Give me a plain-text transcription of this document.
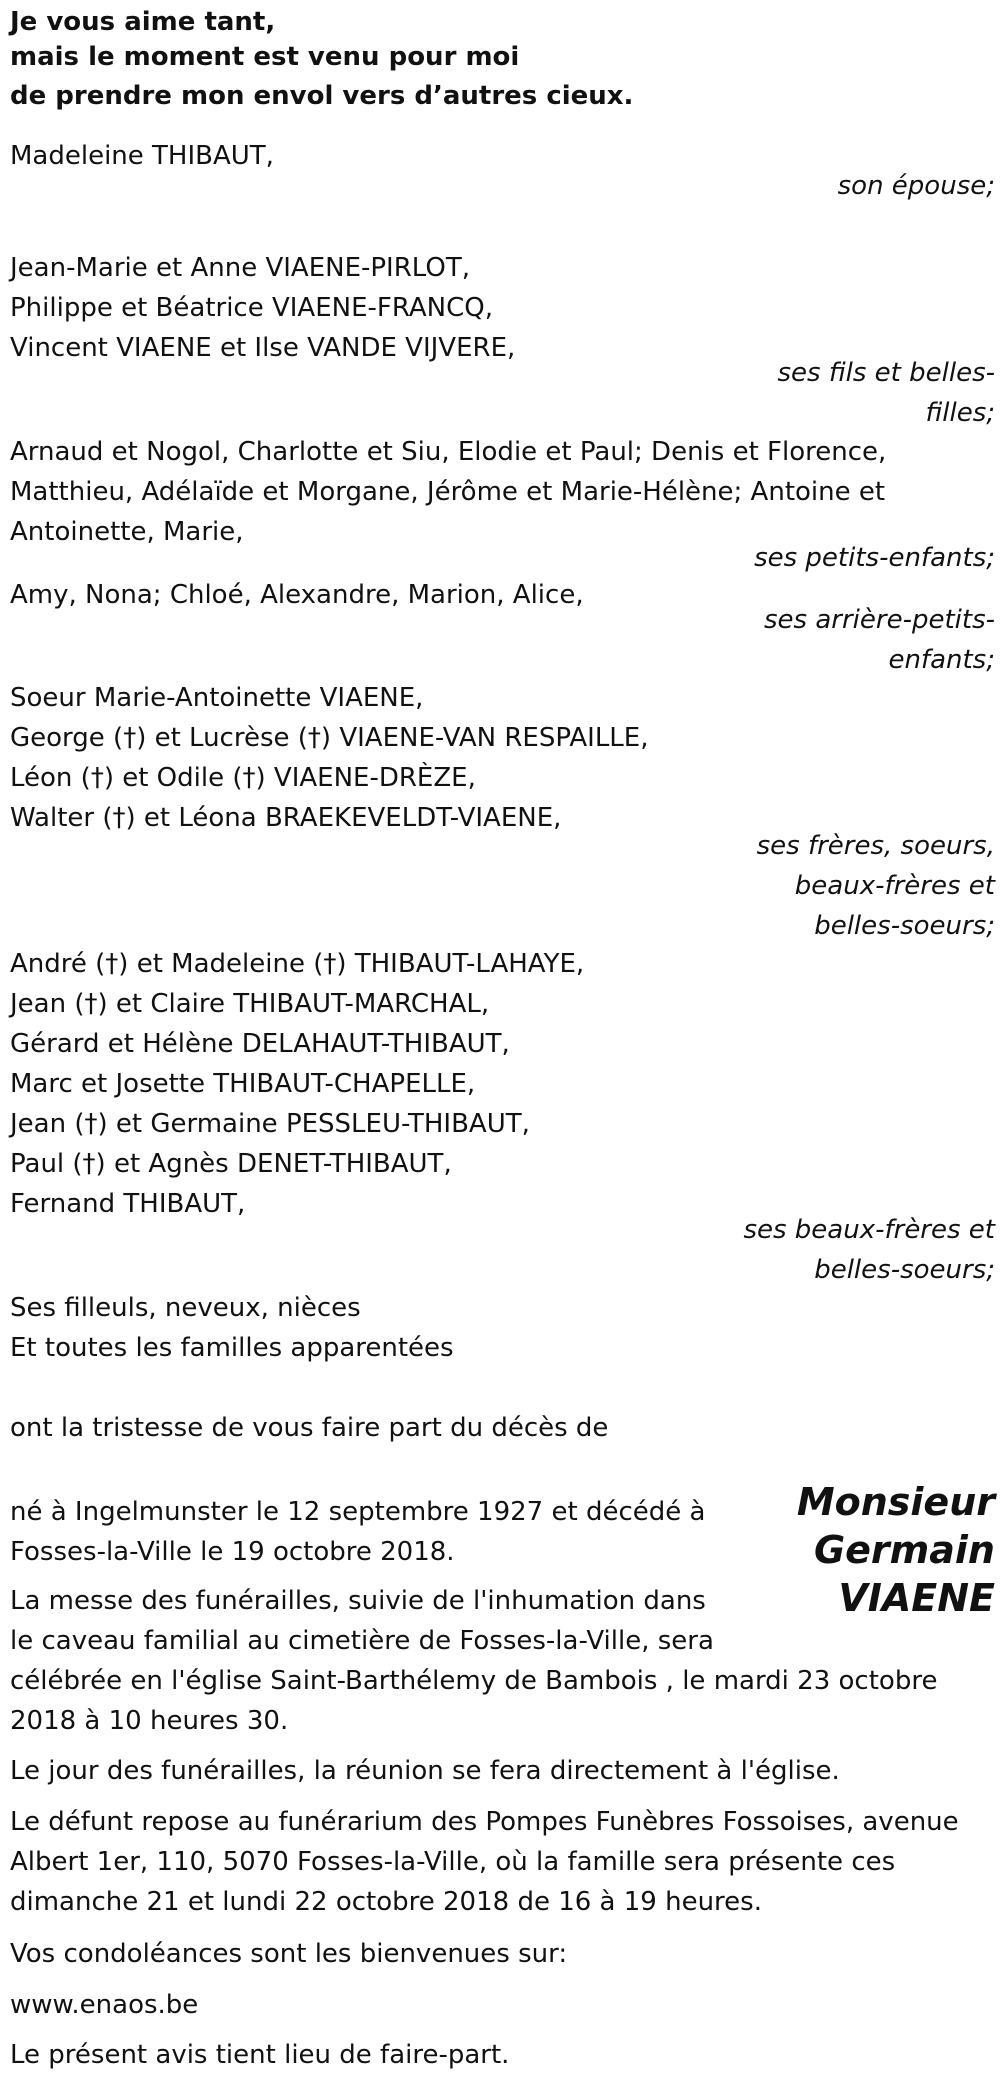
Je vous aime tant,
mais le moment est venu pour moi
de prendre mon envol vers d’autres cieux.
Madeleine THIBAUT,
son épouse;
Jean-Marie et Anne VIAENE-PIRLOT,
Philippe et Béatrice VIAENE-FRANCQ,
Vincent VIAENE et Ilse VANDE VIJVERE,
ses fils et belles-
filles;
Arnaud et Nogol, Charlotte et Siu, Elodie et Paul; Denis et Florence,
Matthieu, Adélaïde et Morgane, Jérôme et Marie-Hélène; Antoine et
Antoinette, Marie,
ses petits-enfants;
Amy, Nona; Chloé, Alexandre, Marion, Alice,
ses arrière-petits-
enfants;
Soeur Marie-Antoinette VIAENE,
George (†) et Lucrèse (†) VIAENE-VAN RESPAILLE,
Léon (†) et Odile (†) VIAENE-DRÈZE,
Walter (†) et Léona BRAEKEVELDT-VIAENE,
ses frères, soeurs,
beaux-frères et
belles-soeurs;
André (†) et Madeleine (†) THIBAUT-LAHAYE,
Jean (†) et Claire THIBAUT-MARCHAL,
Gérard et Hélène DELAHAUT-THIBAUT,
Marc et Josette THIBAUT-CHAPELLE,
Jean (†) et Germaine PESSLEU-THIBAUT,
Paul (†) et Agnès DENET-THIBAUT,
Fernand THIBAUT,
ses beaux-frères et
belles-soeurs;
Ses filleuls, neveux, nièces
Et toutes les familles apparentées
ont la tristesse de vous faire part du décès de
Monsieur
Germain
VIAENE
né à Ingelmunster le 12 septembre 1927 et décédé à
Fosses-la-Ville le 19 octobre 2018.
La messe des funérailles, suivie de l'inhumation dans
le caveau familial au cimetière de Fosses-la-Ville, sera
célébrée en l'église Saint-Barthélemy de Bambois , le mardi 23 octobre
2018 à 10 heures 30.
Le jour des funérailles, la réunion se fera directement à l'église.
Le défunt repose au funérarium des Pompes Funèbres Fossoises, avenue
Albert 1er, 110, 5070 Fosses-la-Ville, où la famille sera présente ces
dimanche 21 et lundi 22 octobre 2018 de 16 à 19 heures.
Vos condoléances sont les bienvenues sur:
www.enaos.be
Le présent avis tient lieu de faire-part.
